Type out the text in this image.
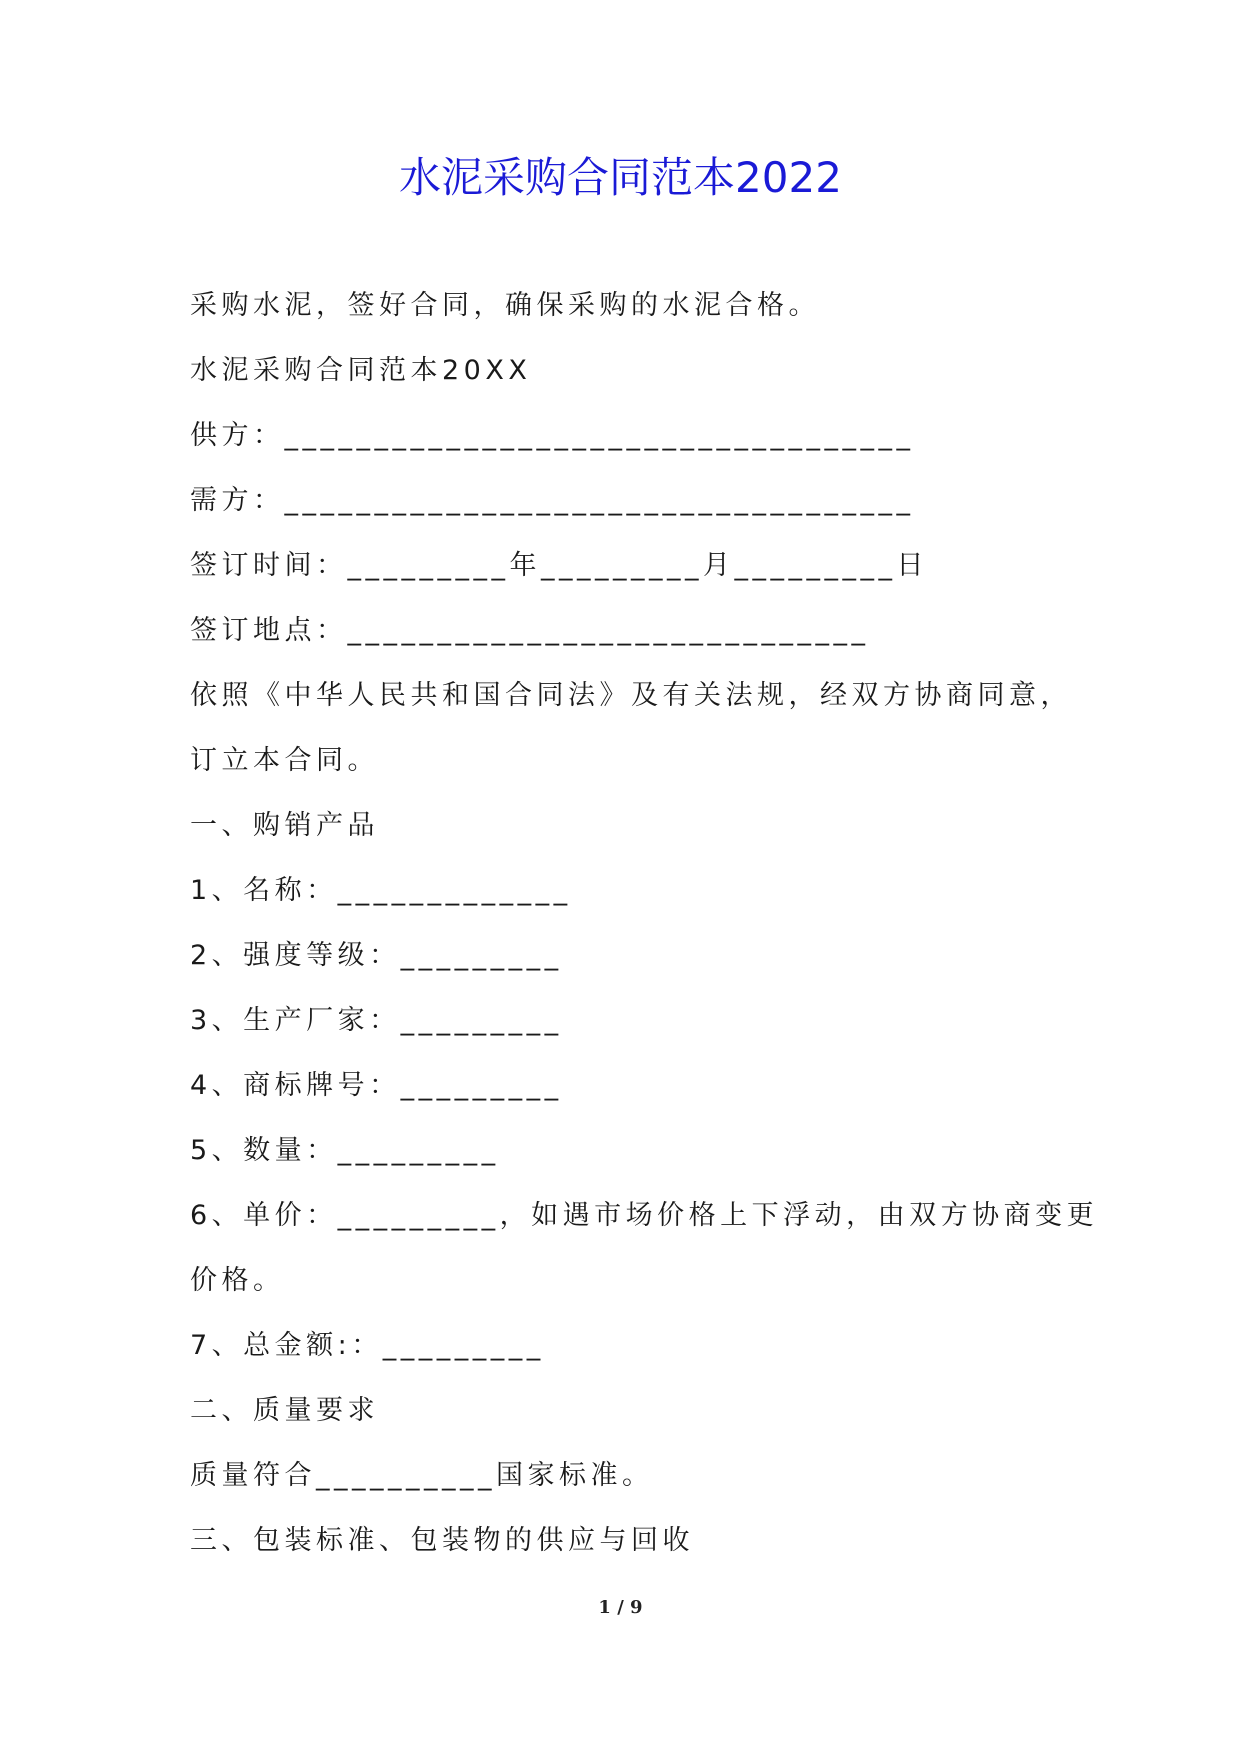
水泥采购合同范本2022
采购水泥，签好合同，确保采购的水泥合格。
水泥采购合同范本20XX
供方：___________________________________
需方：___________________________________
签订时间：_________年_________月_________日
签订地点：_____________________________
依照《中华人民共和国合同法》及有关法规，经双方协商同意，
订立本合同。
一、购销产品
1、名称：_____________
2、强度等级：_________
3、生产厂家：_________
4、商标牌号：_________
5、数量：_________
6、单价：_________，如遇市场价格上下浮动，由双方协商变更
价格。
7、总金额:：_________
二、质量要求
质量符合__________国家标准。
三、包装标准、包装物的供应与回收
1 / 9
